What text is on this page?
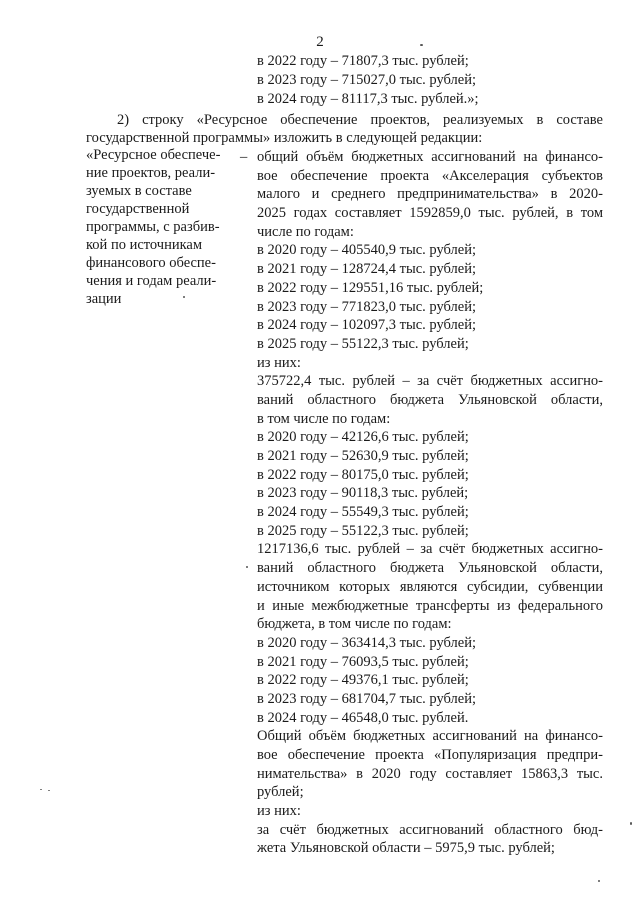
2
в 2022 году – 71807,3 тыс. рублей;
в 2023 году – 715027,0 тыс. рублей;
в 2024 году – 81117,3 тыс. рублей.»;
2) строку «Ресурсное обеспечение проектов, реализуемых в составе
государственной программы» изложить в следующей редакции:
«Ресурсное обеспече-
ние проектов, реали-
зуемых в составе
государственной
программы, с разбив-
кой по источникам
финансового обеспе-
чения и годам реали-
зации
– общий объём бюджетных ассигнований на финансо-
вое обеспечение проекта «Акселерация субъектов
малого и среднего предпринимательства» в 2020-
2025 годах составляет 1592859,0 тыс. рублей, в том
числе по годам:
в 2020 году – 405540,9 тыс. рублей;
в 2021 году – 128724,4 тыс. рублей;
в 2022 году – 129551,16 тыс. рублей;
в 2023 году – 771823,0 тыс. рублей;
в 2024 году – 102097,3 тыс. рублей;
в 2025 году – 55122,3 тыс. рублей;
из них:
375722,4 тыс. рублей – за счёт бюджетных ассигно-
ваний областного бюджета Ульяновской области,
в том числе по годам:
в 2020 году – 42126,6 тыс. рублей;
в 2021 году – 52630,9 тыс. рублей;
в 2022 году – 80175,0 тыс. рублей;
в 2023 году – 90118,3 тыс. рублей;
в 2024 году – 55549,3 тыс. рублей;
в 2025 году – 55122,3 тыс. рублей;
1217136,6 тыс. рублей – за счёт бюджетных ассигно-
ваний областного бюджета Ульяновской области,
источником которых являются субсидии, субвенции
и иные межбюджетные трансферты из федерального
бюджета, в том числе по годам:
в 2020 году – 363414,3 тыс. рублей;
в 2021 году – 76093,5 тыс. рублей;
в 2022 году – 49376,1 тыс. рублей;
в 2023 году – 681704,7 тыс. рублей;
в 2024 году – 46548,0 тыс. рублей.
Общий объём бюджетных ассигнований на финансо-
вое обеспечение проекта «Популяризация предпри-
нимательства» в 2020 году составляет 15863,3 тыс.
рублей;
из них:
за счёт бюджетных ассигнований областного бюд-
жета Ульяновской области – 5975,9 тыс. рублей;
